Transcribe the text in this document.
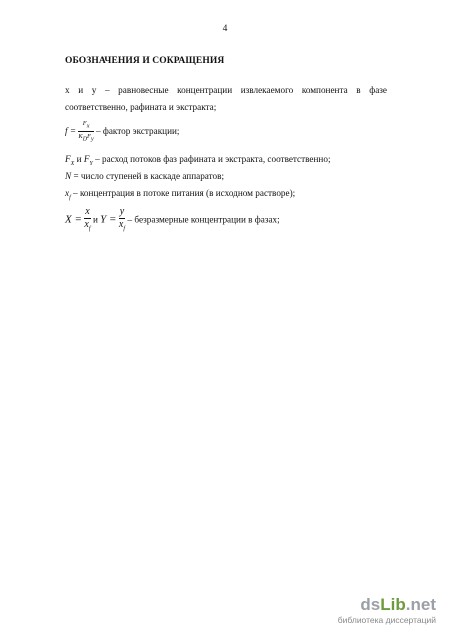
4
ОБОЗНАЧЕНИЯ И СОКРАЩЕНИЯ
x и y – равновесные концентрации извлекаемого компонента в фазе
соответственно, рафината и экстракта;
$f = \frac{F_x}{K_DF_y}$ – фактор экстракции;
$F_X$ и $F_Y$ – расход потоков фаз рафината и экстракта, соответственно;
N = число ступеней в каскаде аппаратов;
$x_f$ – концентрация в потоке питания (в исходном растворе);
$X = \frac{x}{x_f}$ и $Y = \frac{y}{x_f}$ – безразмерные концентрации в фазах;
dsLib.net
библиотека диссертаций
